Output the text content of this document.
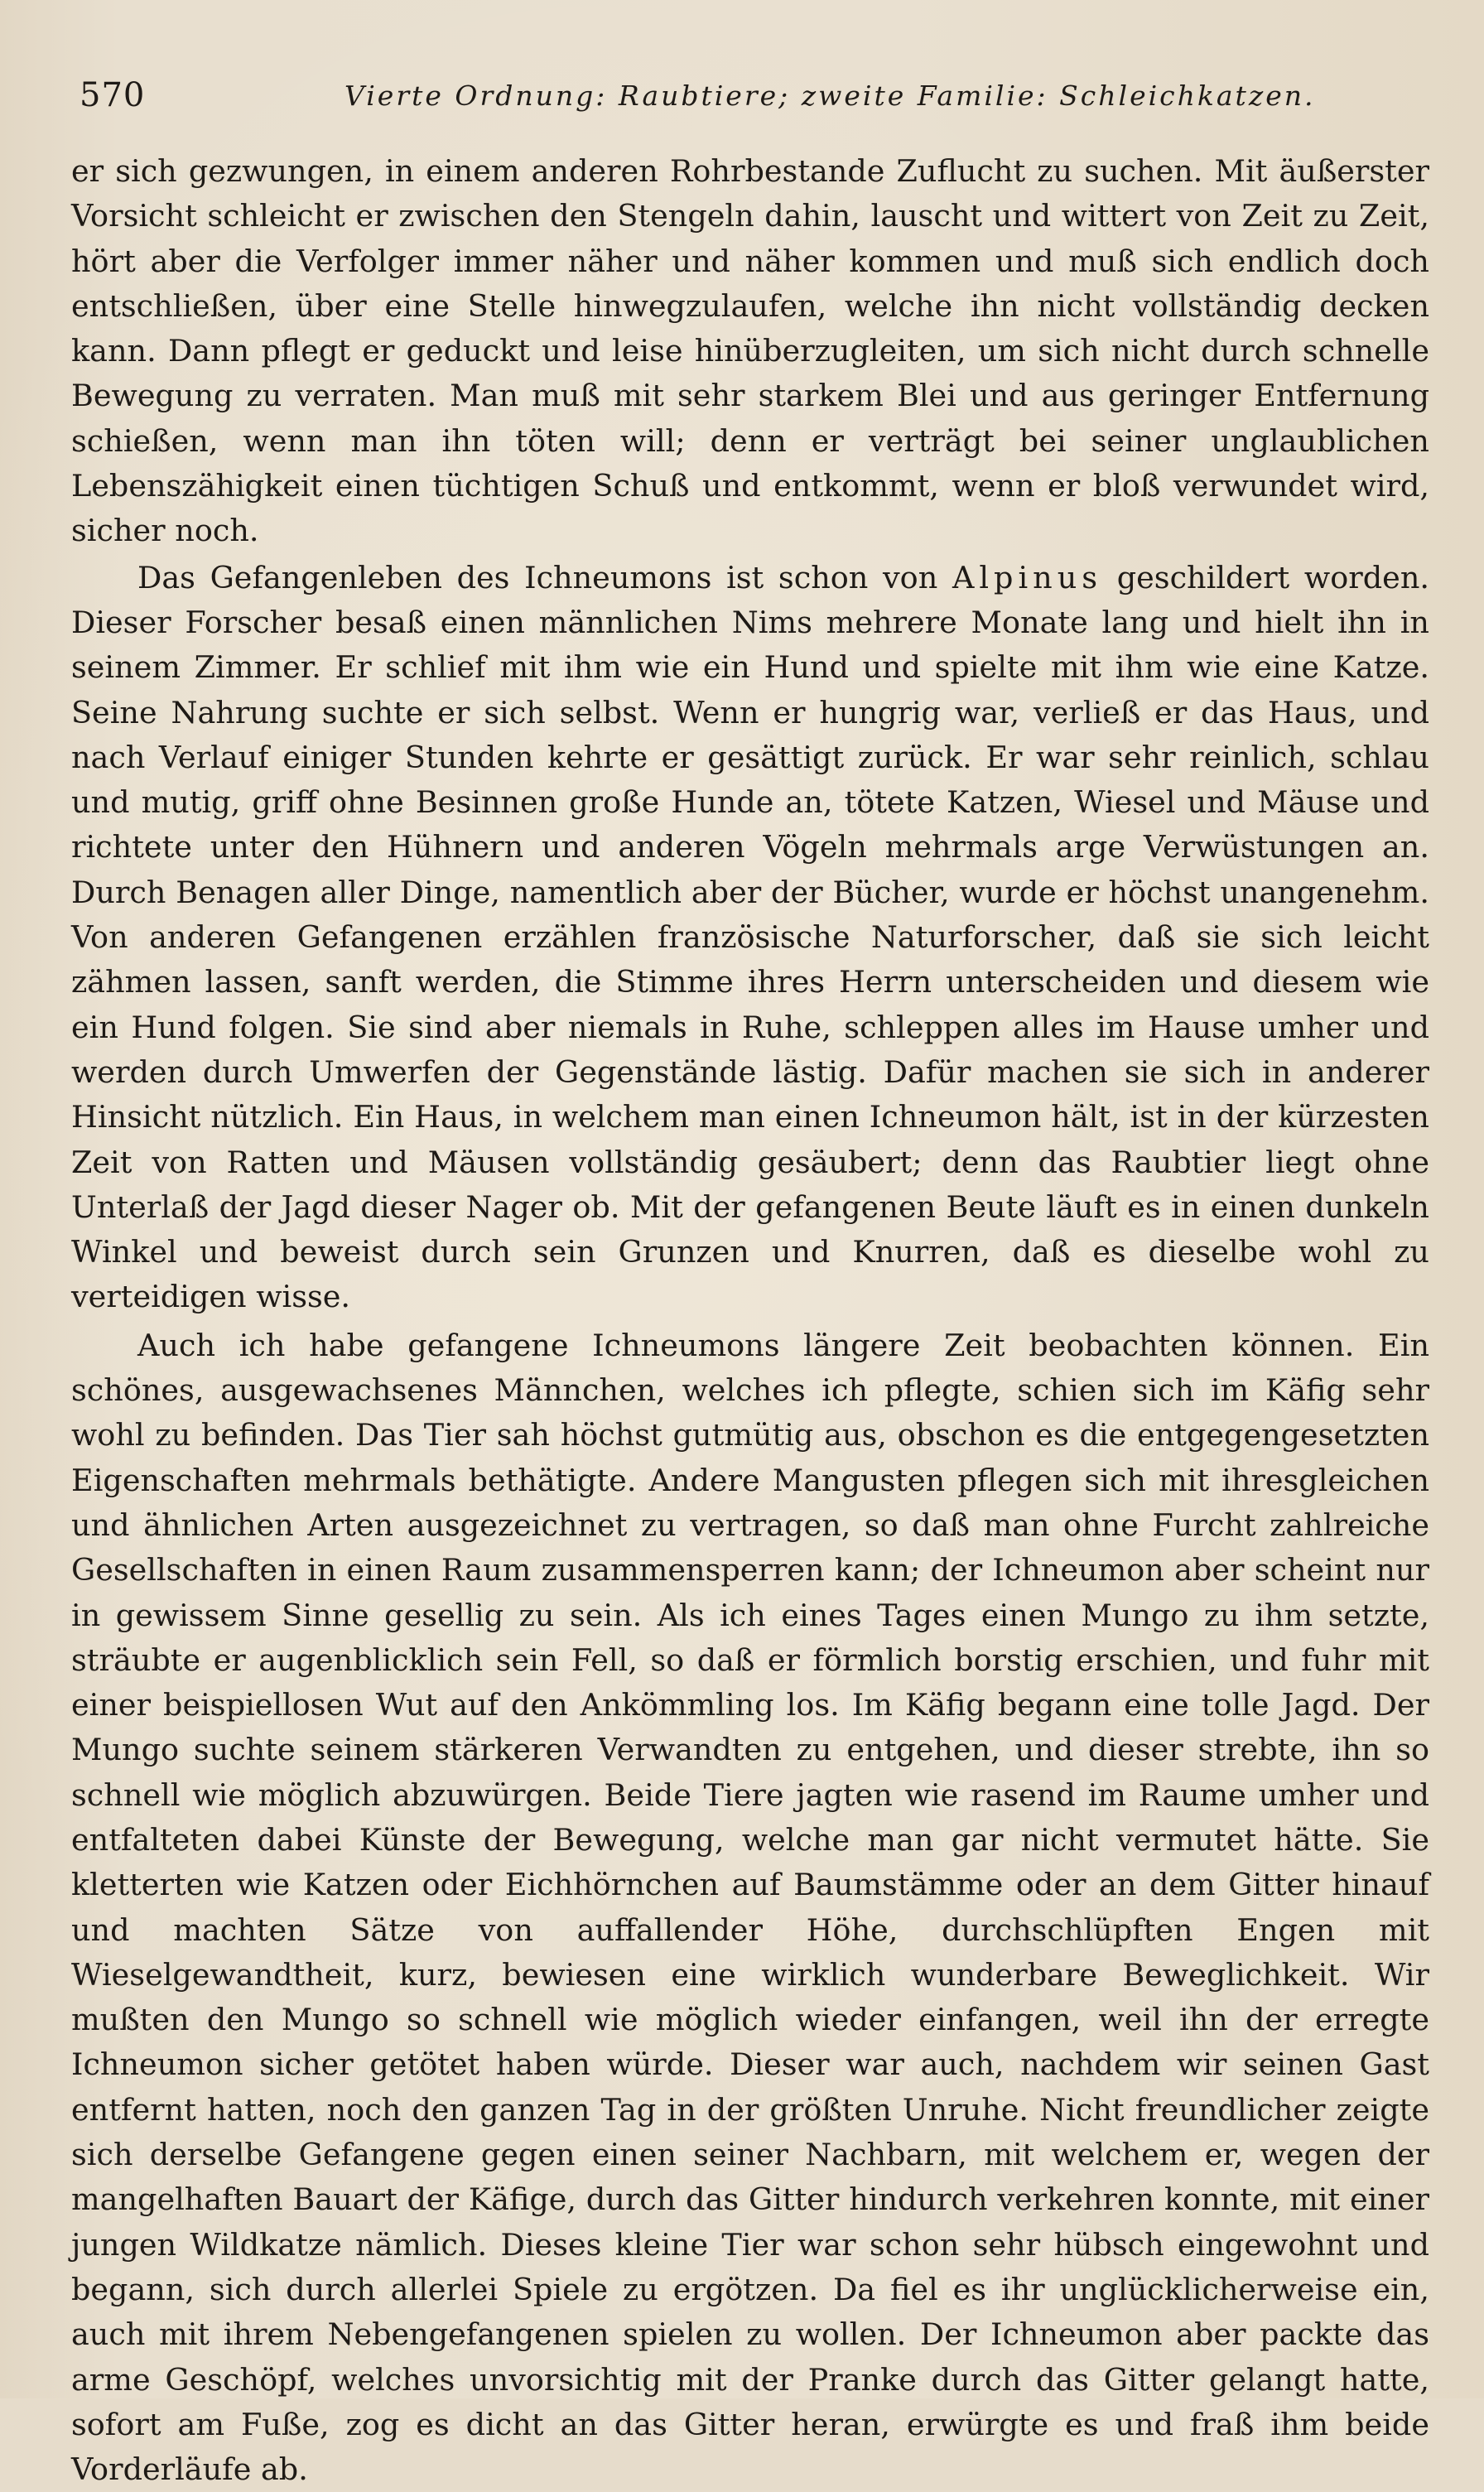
570	Vierte Ordnung: Raubtiere; zweite Familie: Schleichkatzen.

er sich gezwungen, in einem anderen Rohrbestande Zuflucht zu suchen. Mit äußerster Vorsicht schleicht er zwischen den Stengeln dahin, lauscht und wittert von Zeit zu Zeit, hört aber die Verfolger immer näher und näher kommen und muß sich endlich doch entschließen, über eine Stelle hinwegzulaufen, welche ihn nicht vollständig decken kann. Dann pflegt er geduckt und leise hinüberzugleiten, um sich nicht durch schnelle Bewegung zu verraten. Man muß mit sehr starkem Blei und aus geringer Entfernung schießen, wenn man ihn töten will; denn er verträgt bei seiner unglaublichen Lebenszähigkeit einen tüchtigen Schuß und entkommt, wenn er bloß verwundet wird, sicher noch.

Das Gefangenleben des Ichneumons ist schon von Alpinus geschildert worden. Dieser Forscher besaß einen männlichen Nims mehrere Monate lang und hielt ihn in seinem Zimmer. Er schlief mit ihm wie ein Hund und spielte mit ihm wie eine Katze. Seine Nahrung suchte er sich selbst. Wenn er hungrig war, verließ er das Haus, und nach Verlauf einiger Stunden kehrte er gesättigt zurück. Er war sehr reinlich, schlau und mutig, griff ohne Besinnen große Hunde an, tötete Katzen, Wiesel und Mäuse und richtete unter den Hühnern und anderen Vögeln mehrmals arge Verwüstungen an. Durch Benagen aller Dinge, namentlich aber der Bücher, wurde er höchst unangenehm. Von anderen Gefangenen erzählen französische Naturforscher, daß sie sich leicht zähmen lassen, sanft werden, die Stimme ihres Herrn unterscheiden und diesem wie ein Hund folgen. Sie sind aber niemals in Ruhe, schleppen alles im Hause umher und werden durch Umwerfen der Gegenstände lästig. Dafür machen sie sich in anderer Hinsicht nützlich. Ein Haus, in welchem man einen Ichneumon hält, ist in der kürzesten Zeit von Ratten und Mäusen vollständig gesäubert; denn das Raubtier liegt ohne Unterlaß der Jagd dieser Nager ob. Mit der gefangenen Beute läuft es in einen dunkeln Winkel und beweist durch sein Grunzen und Knurren, daß es dieselbe wohl zu verteidigen wisse.

Auch ich habe gefangene Ichneumons längere Zeit beobachten können. Ein schönes, ausgewachsenes Männchen, welches ich pflegte, schien sich im Käfig sehr wohl zu befinden. Das Tier sah höchst gutmütig aus, obschon es die entgegengesetzten Eigenschaften mehrmals bethätigte. Andere Mangusten pflegen sich mit ihresgleichen und ähnlichen Arten ausgezeichnet zu vertragen, so daß man ohne Furcht zahlreiche Gesellschaften in einen Raum zusammensperren kann; der Ichneumon aber scheint nur in gewissem Sinne gesellig zu sein. Als ich eines Tages einen Mungo zu ihm setzte, sträubte er augenblicklich sein Fell, so daß er förmlich borstig erschien, und fuhr mit einer beispiellosen Wut auf den Ankömmling los. Im Käfig begann eine tolle Jagd. Der Mungo suchte seinem stärkeren Verwandten zu entgehen, und dieser strebte, ihn so schnell wie möglich abzuwürgen. Beide Tiere jagten wie rasend im Raume umher und entfalteten dabei Künste der Bewegung, welche man gar nicht vermutet hätte. Sie kletterten wie Katzen oder Eichhörnchen auf Baumstämme oder an dem Gitter hinauf und machten Sätze von auffallender Höhe, durchschlüpften Engen mit Wieselgewandtheit, kurz, bewiesen eine wirklich wunderbare Beweglichkeit. Wir mußten den Mungo so schnell wie möglich wieder einfangen, weil ihn der erregte Ichneumon sicher getötet haben würde. Dieser war auch, nachdem wir seinen Gast entfernt hatten, noch den ganzen Tag in der größten Unruhe. Nicht freundlicher zeigte sich derselbe Gefangene gegen einen seiner Nachbarn, mit welchem er, wegen der mangelhaften Bauart der Käfige, durch das Gitter hindurch verkehren konnte, mit einer jungen Wildkatze nämlich. Dieses kleine Tier war schon sehr hübsch eingewohnt und begann, sich durch allerlei Spiele zu ergötzen. Da fiel es ihr unglücklicherweise ein, auch mit ihrem Nebengefangenen spielen zu wollen. Der Ichneumon aber packte das arme Geschöpf, welches unvorsichtig mit der Pranke durch das Gitter gelangt hatte, sofort am Fuße, zog es dicht an das Gitter heran, erwürgte es und fraß ihm beide Vorderläufe ab.
